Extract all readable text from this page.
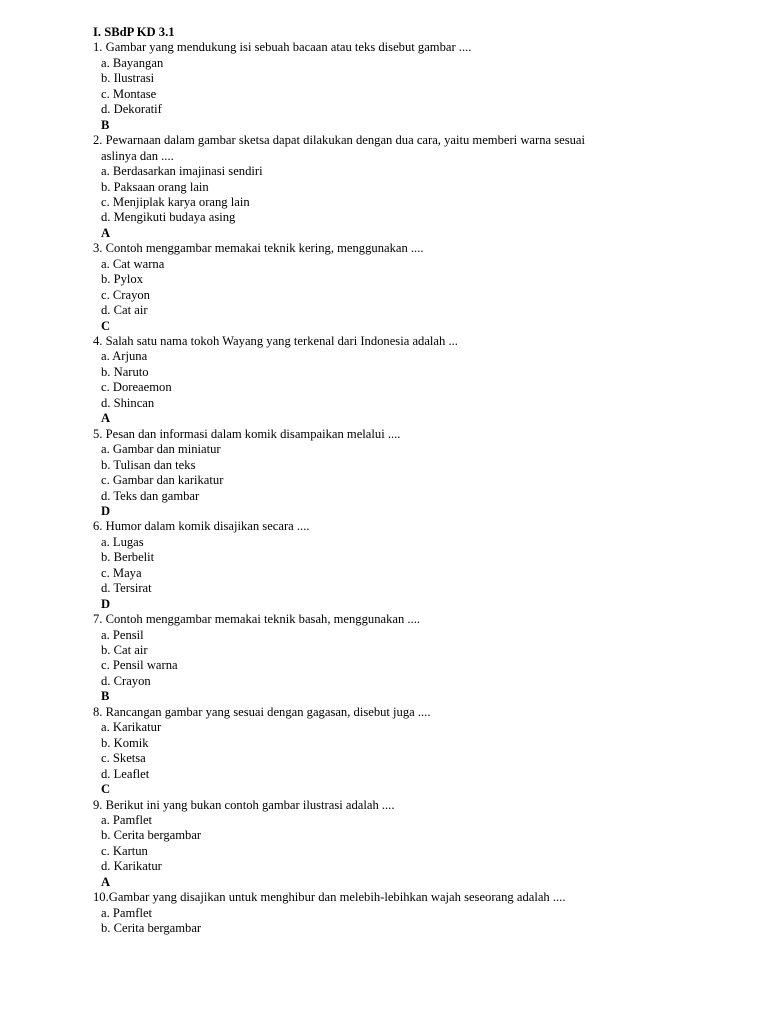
I. SBdP KD 3.1
1. Gambar yang mendukung isi sebuah bacaan atau teks disebut gambar ....
a. Bayangan
b. Ilustrasi
c. Montase
d. Dekoratif
B
2. Pewarnaan dalam gambar sketsa dapat dilakukan dengan dua cara, yaitu memberi warna sesuai
aslinya dan ....
a. Berdasarkan imajinasi sendiri
b. Paksaan orang lain
c. Menjiplak karya orang lain
d. Mengikuti budaya asing
A
3. Contoh menggambar memakai teknik kering, menggunakan ....
a. Cat warna
b. Pylox
c. Crayon
d. Cat air
C
4. Salah satu nama tokoh Wayang yang terkenal dari Indonesia adalah ...
a. Arjuna
b. Naruto
c. Doreaemon
d. Shincan
A
5. Pesan dan informasi dalam komik disampaikan melalui ....
a. Gambar dan miniatur
b. Tulisan dan teks
c. Gambar dan karikatur
d. Teks dan gambar
D
6. Humor dalam komik disajikan secara ....
a. Lugas
b. Berbelit
c. Maya
d. Tersirat
D
7. Contoh menggambar memakai teknik basah, menggunakan ....
a. Pensil
b. Cat air
c. Pensil warna
d. Crayon
B
8. Rancangan gambar yang sesuai dengan gagasan, disebut juga ....
a. Karikatur
b. Komik
c. Sketsa
d. Leaflet
C
9. Berikut ini yang bukan contoh gambar ilustrasi adalah ....
a. Pamflet
b. Cerita bergambar
c. Kartun
d. Karikatur
A
10.Gambar yang disajikan untuk menghibur dan melebih-lebihkan wajah seseorang adalah ....
a. Pamflet
b. Cerita bergambar
